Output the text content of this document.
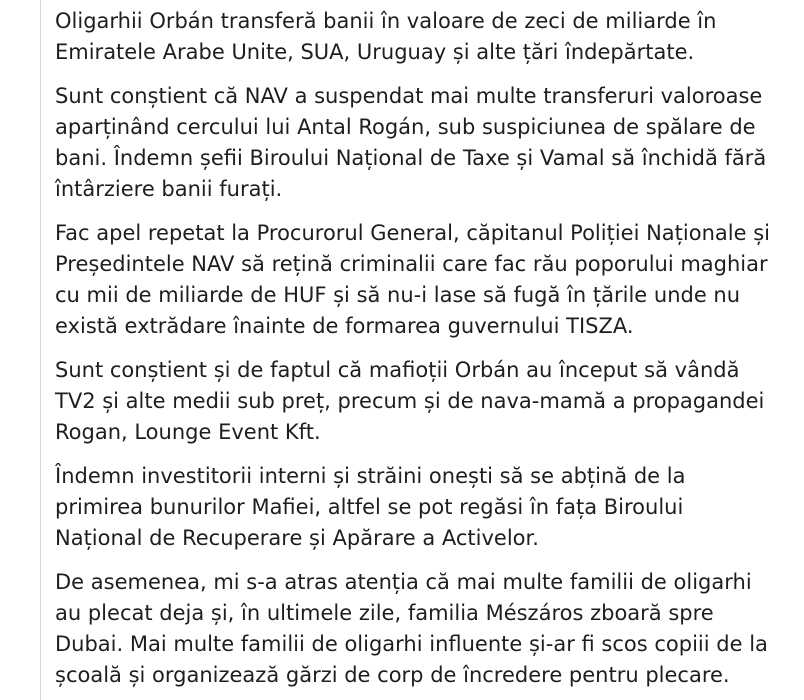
Oligarhii Orbán transferă banii în valoare de zeci de miliarde în
Emiratele Arabe Unite, SUA, Uruguay și alte țări îndepărtate.

Sunt conștient că NAV a suspendat mai multe transferuri valoroase
aparținând cercului lui Antal Rogán, sub suspiciunea de spălare de
bani. Îndemn șefii Biroului Național de Taxe și Vamal să închidă fără
întârziere banii furați.

Fac apel repetat la Procurorul General, căpitanul Poliției Naționale și
Președintele NAV să rețină criminalii care fac rău poporului maghiar
cu mii de miliarde de HUF și să nu-i lase să fugă în țările unde nu
există extrădare înainte de formarea guvernului TISZA.

Sunt conștient și de faptul că mafioții Orbán au început să vândă
TV2 și alte medii sub preț, precum și de nava-mamă a propagandei
Rogan, Lounge Event Kft.

Îndemn investitorii interni și străini onești să se abțină de la
primirea bunurilor Mafiei, altfel se pot regăsi în fața Biroului
Național de Recuperare și Apărare a Activelor.

De asemenea, mi s-a atras atenția că mai multe familii de oligarhi
au plecat deja și, în ultimele zile, familia Mészáros zboară spre
Dubai. Mai multe familii de oligarhi influente și-ar fi scos copiii de la
școală și organizează gărzi de corp de încredere pentru plecare.
